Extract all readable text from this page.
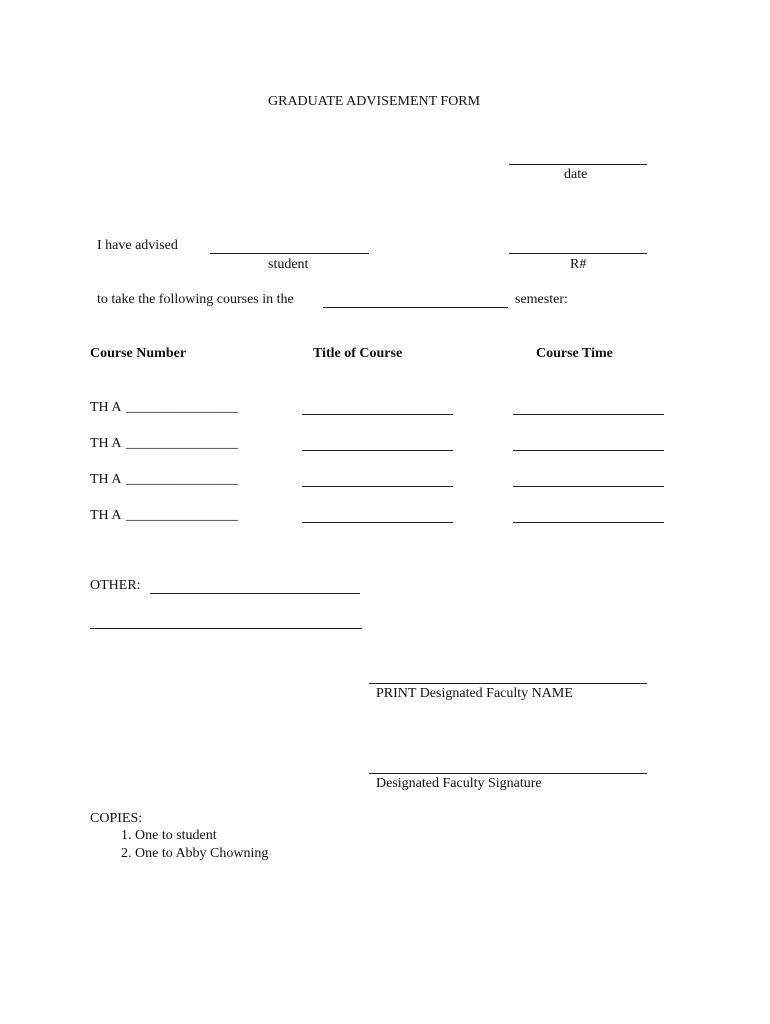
GRADUATE ADVISEMENT FORM
date
I have advised
student	R#
to take the following courses in the	semester:
Course Number	Title of Course	Course Time
TH A ________________
TH A ________________
TH A ________________
TH A ________________
OTHER:
PRINT Designated Faculty NAME
Designated Faculty Signature
COPIES:
1. One to student
2. One to Abby Chowning
